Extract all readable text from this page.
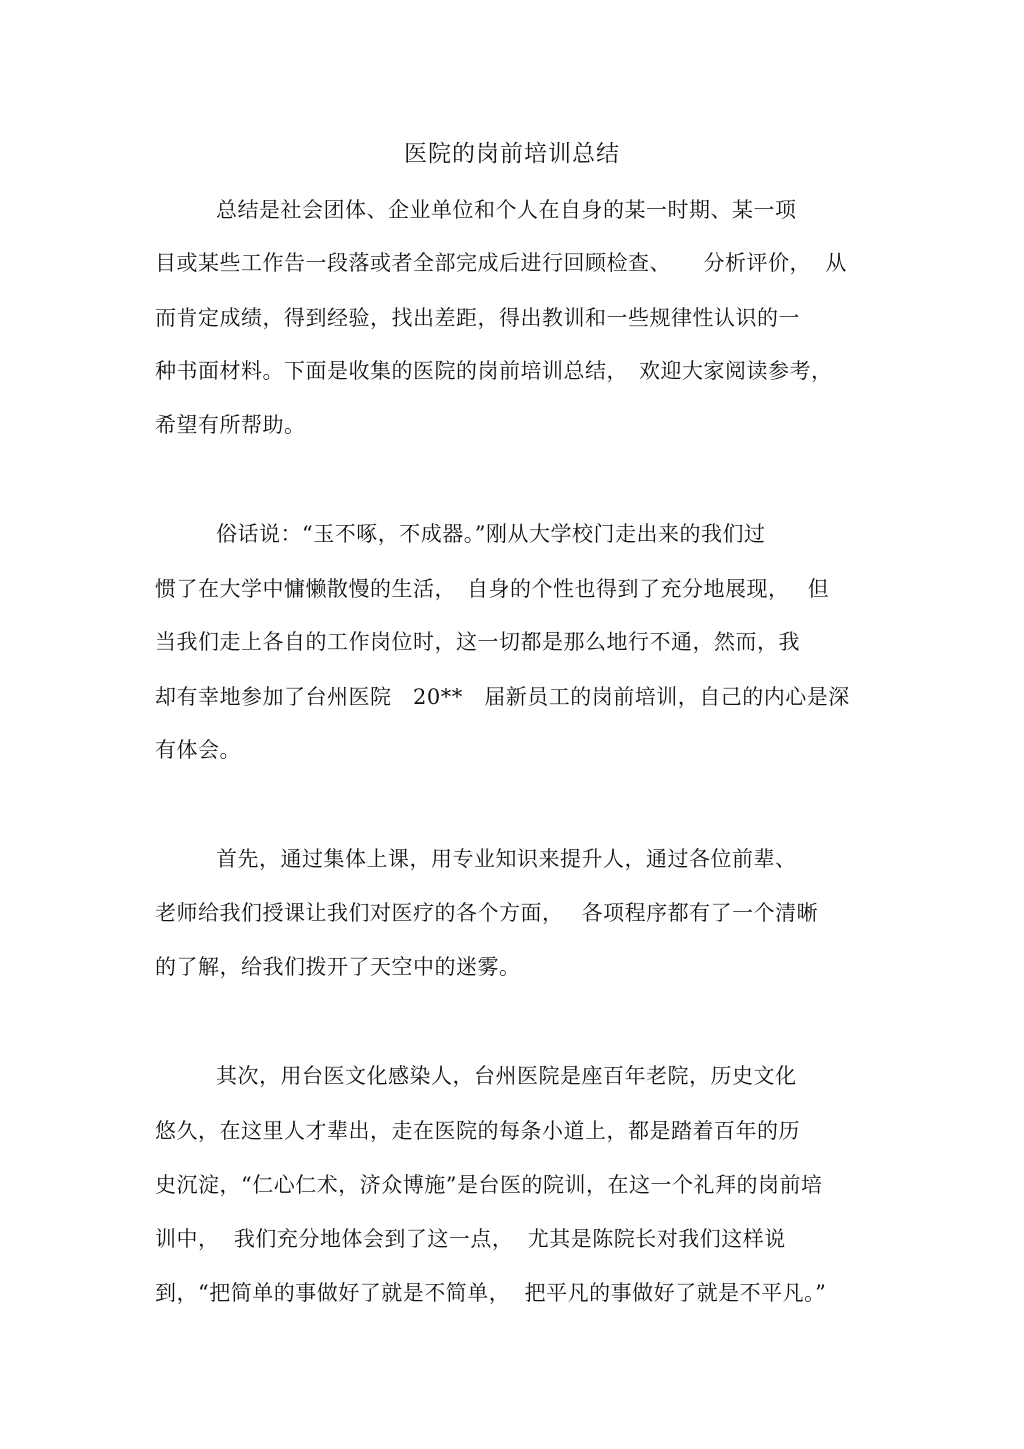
医院的岗前培训总结
总结是社会团体、企业单位和个人在自身的某一时期、某一项
目或某些工作告一段落或者全部完成后进行回顾检查、　　分析评价，  从
而肯定成绩，得到经验，找出差距，得出教训和一些规律性认识的一
种书面材料。下面是收集的医院的岗前培训总结，　欢迎大家阅读参考，
希望有所帮助。
俗话说：“玉不啄，不成器。”刚从大学校门走出来的我们过
惯了在大学中慵懒散慢的生活，　自身的个性也得到了充分地展现，　 但
当我们走上各自的工作岗位时，这一切都是那么地行不通，然而，我
却有幸地参加了台州医院　20**　届新员工的岗前培训，自己的内心是深
有体会。
首先，通过集体上课，用专业知识来提升人，通过各位前辈、
老师给我们授课让我们对医疗的各个方面，　 各项程序都有了一个清晰
的了解，给我们拨开了天空中的迷雾。
其次，用台医文化感染人，台州医院是座百年老院，历史文化
悠久，在这里人才辈出，走在医院的每条小道上，都是踏着百年的历
史沉淀，“仁心仁术，济众博施”是台医的院训，在这一个礼拜的岗前培
训中，  我们充分地体会到了这一点，  尤其是陈院长对我们这样说
到，“把简单的事做好了就是不简单，  把平凡的事做好了就是不平凡。”
